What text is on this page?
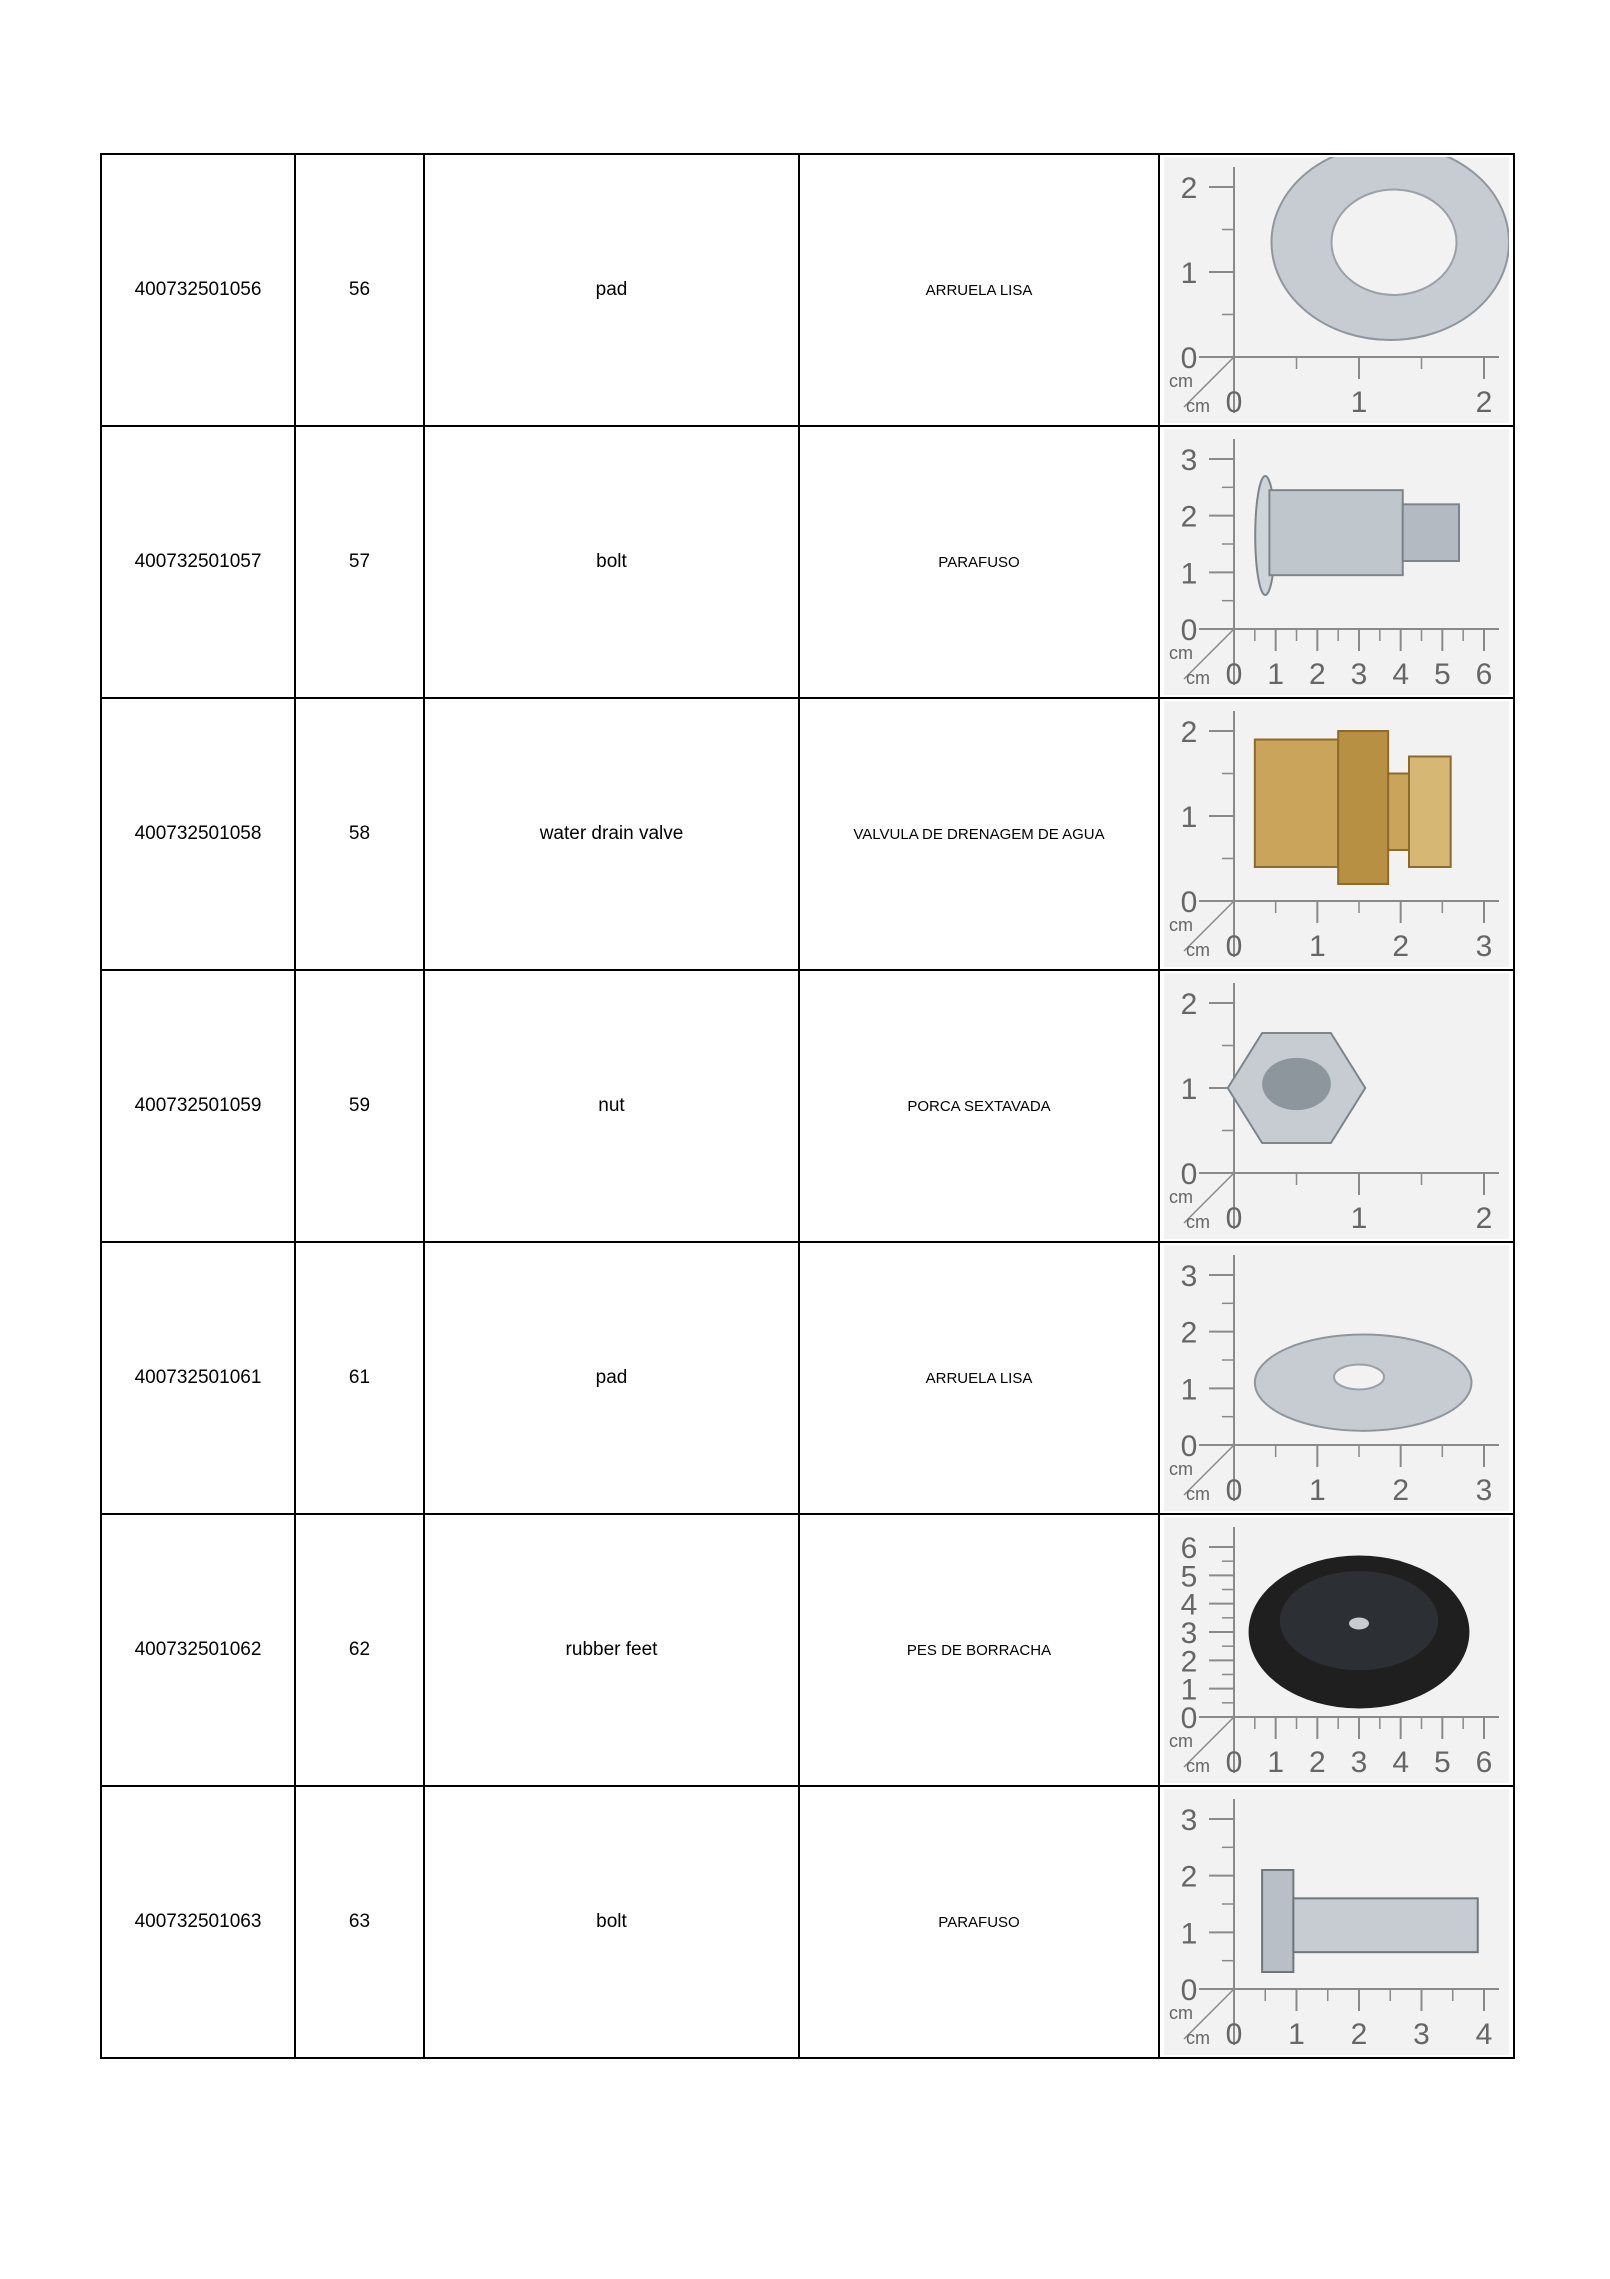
400732501056	56	pad	ARRUELA LISA	
0	1	2
0
1
2
cm
cm

400732501057	57	bolt	PARAFUSO	
0 1 2 3 4 5 6
0
1
2
3
cm
cm

400732501058	58	water drain valve	VALVULA DE DRENAGEM DE AGUA	
0 1 2 3
0
1
2
cm
cm

400732501059	59	nut	PORCA SEXTAVADA	
0	1	2
0
1
2
cm
cm

400732501061	61	pad	ARRUELA LISA	
0 1 2 3
0
1
2
3
cm
cm

400732501062	62	rubber feet	PES DE BORRACHA	
0 1 2 3 4 5 6
0
1
2
3
4
5
6
cm
cm

400732501063	63	bolt	PARAFUSO	
0 1 2 3 4
0
1
2
3
cm
cm
